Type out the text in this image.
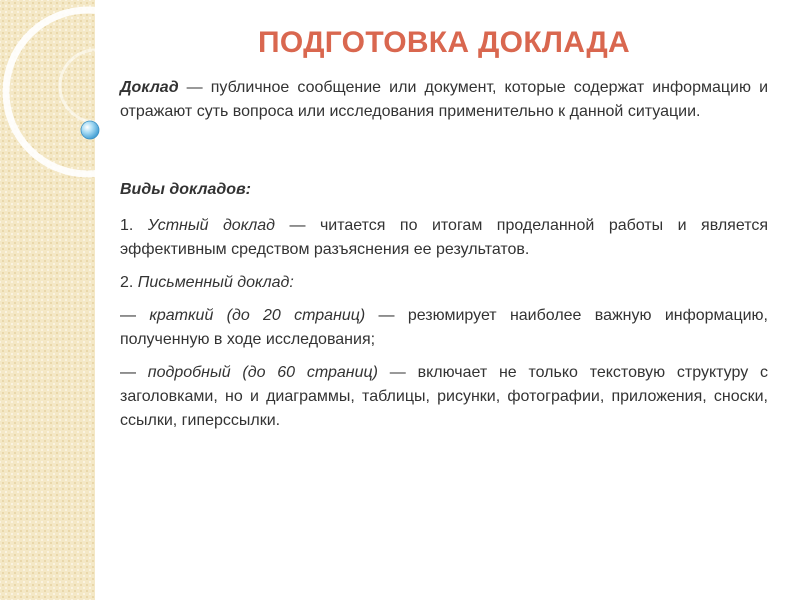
ПОДГОТОВКА ДОКЛАДА

Доклад — публичное сообщение или документ, которые содержат информацию и отражают суть вопроса или исследования применительно к данной ситуации.

Виды докладов:

1. Устный доклад — читается по итогам проделанной работы и является эффективным средством разъяснения ее результатов.

2. Письменный доклад:

— краткий (до 20 страниц) — резюмирует наиболее важную информацию, полученную в ходе исследования;

— подробный (до 60 страниц) — включает не только текстовую структуру с заголовками, но и диаграммы, таблицы, рисунки, фотографии, приложения, сноски, ссылки, гиперссылки.
